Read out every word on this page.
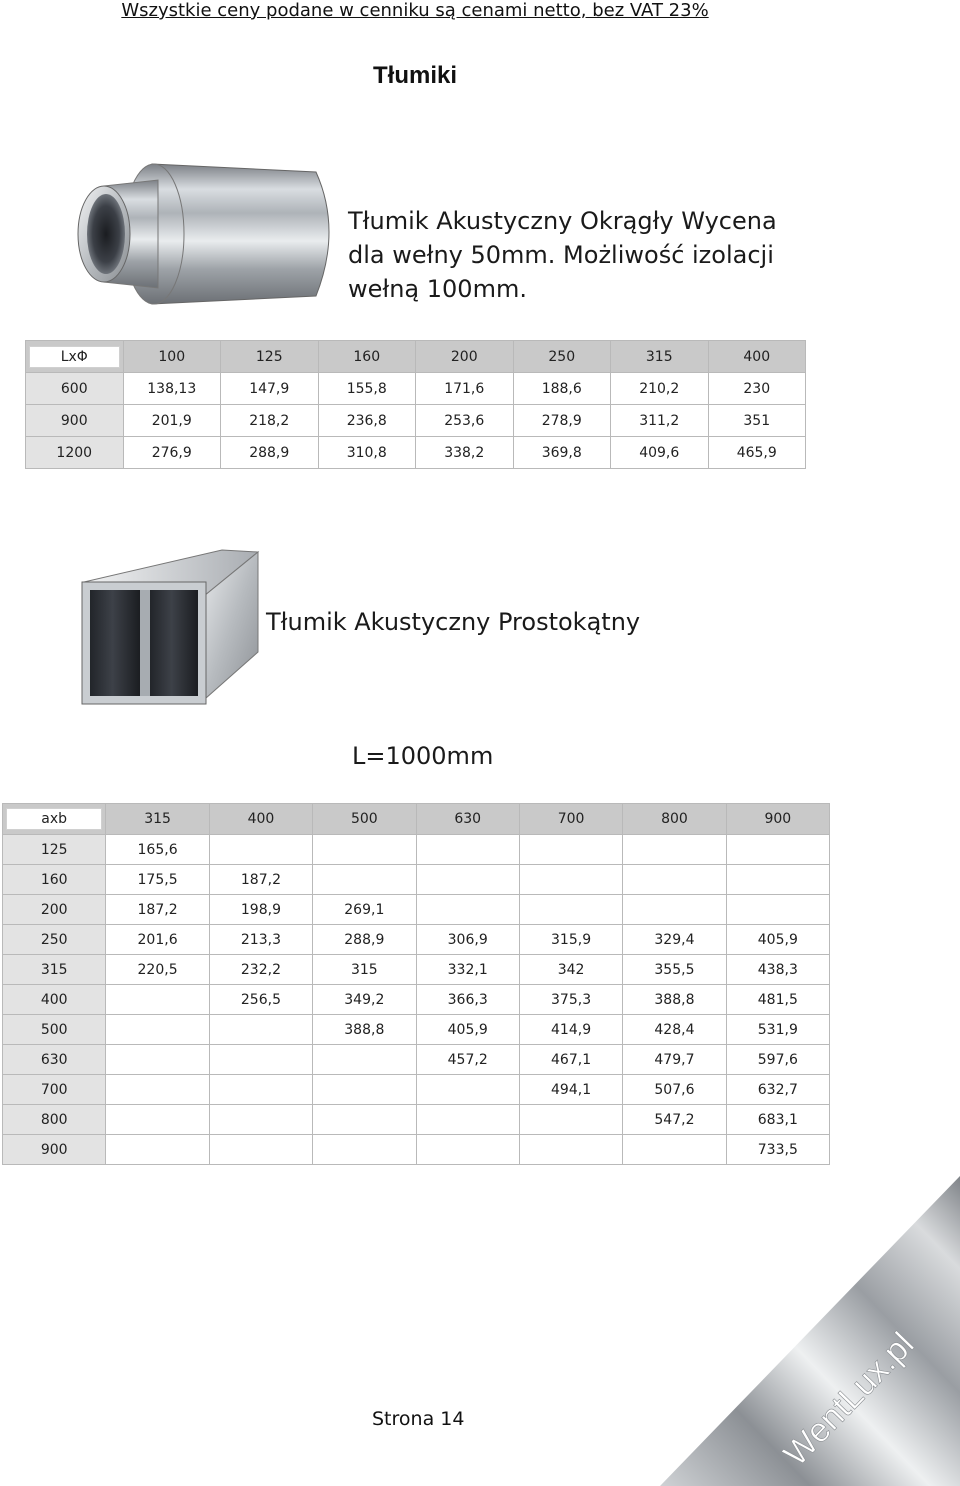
Wszystkie ceny podane w cenniku są cenami netto, bez VAT 23%
Tłumiki
Tłumik Akustyczny Okrągły Wycena dla wełny 50mm. Możliwość izolacji wełną 100mm.
LxΦ	100	125	160	200	250	315	400
600	138,13	147,9	155,8	171,6	188,6	210,2	230
900	201,9	218,2	236,8	253,6	278,9	311,2	351
1200	276,9	288,9	310,8	338,2	369,8	409,6	465,9
Tłumik Akustyczny Prostokątny
L=1000mm
axb	315	400	500	630	700	800	900
125	165,6						
160	175,5	187,2					
200	187,2	198,9	269,1				
250	201,6	213,3	288,9	306,9	315,9	329,4	405,9
315	220,5	232,2	315	332,1	342	355,5	438,3
400		256,5	349,2	366,3	375,3	388,8	481,5
500			388,8	405,9	414,9	428,4	531,9
630				457,2	467,1	479,7	597,6
700					494,1	507,6	632,7
800						547,2	683,1
900							733,5
Strona 14	WentLux.pl
